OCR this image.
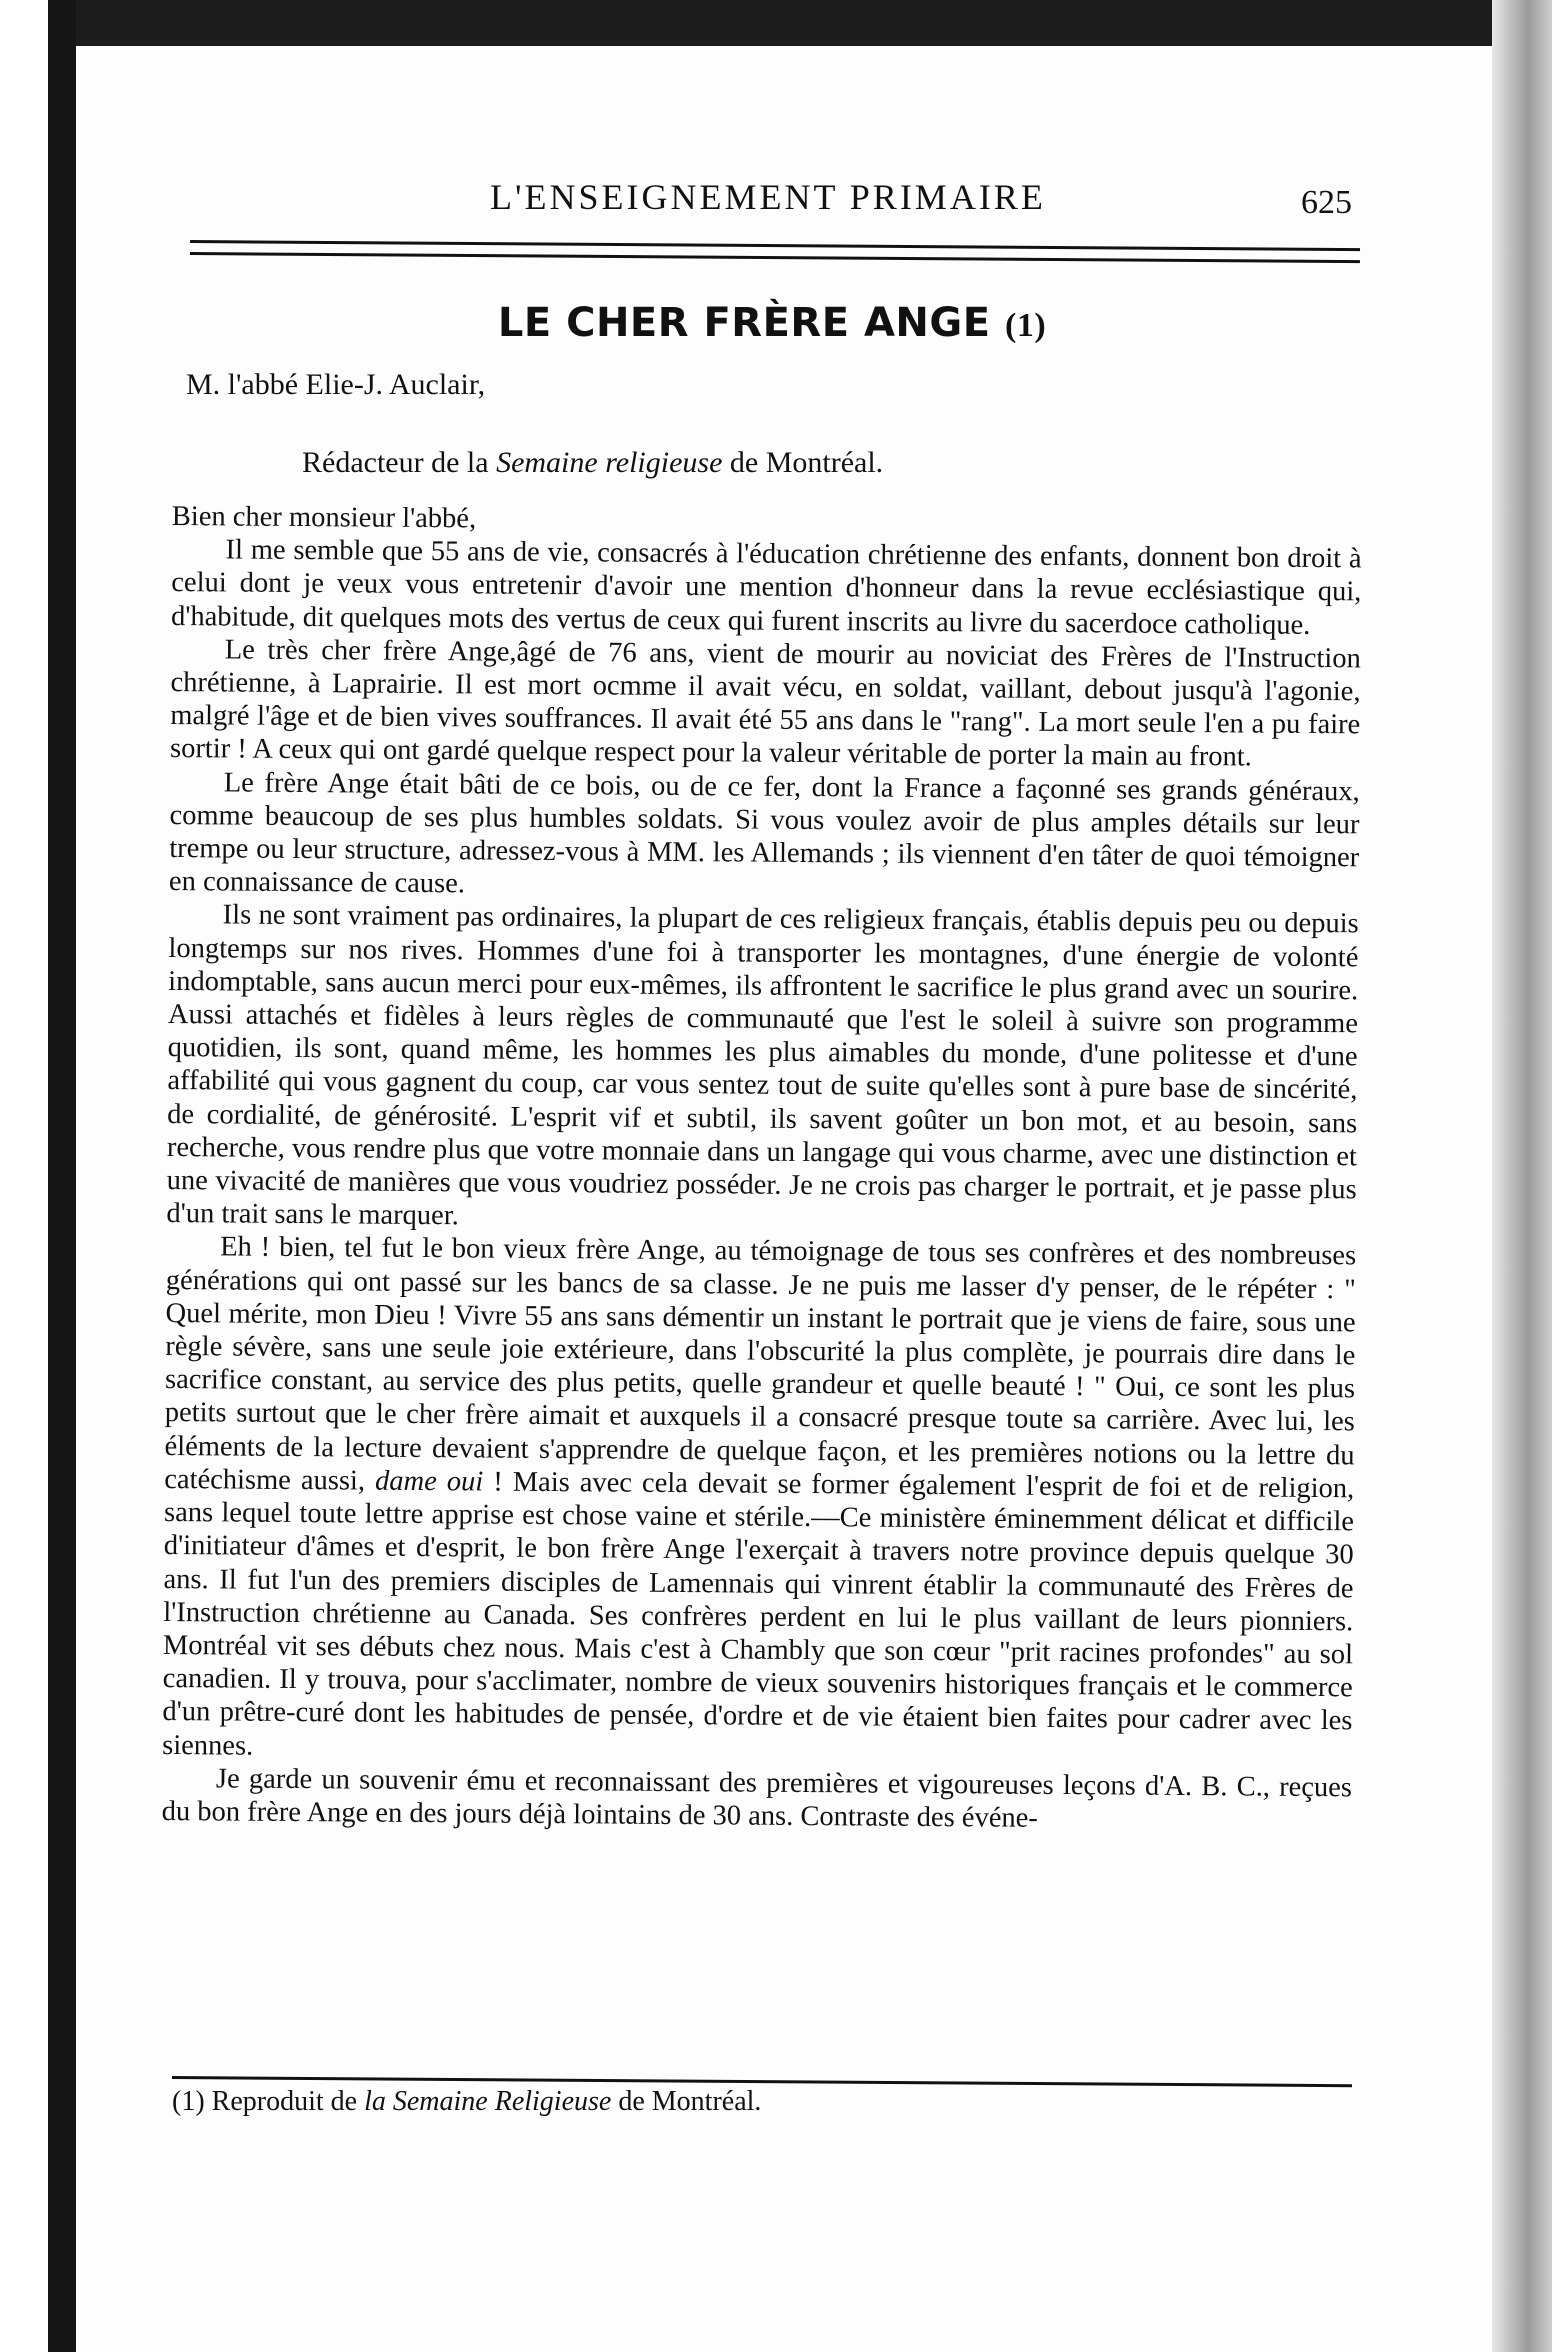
L'ENSEIGNEMENT PRIMAIRE	625
LE CHER FRÈRE ANGE (1)
M. l'abbé Elie-J. Auclair,
Rédacteur de la Semaine religieuse de Montréal.

Bien cher monsieur l'abbé,

Il me semble que 55 ans de vie, consacrés à l'éducation chrétienne des enfants, donnent bon droit à celui dont je veux vous entretenir d'avoir une mention d'honneur dans la revue ecclésiastique qui, d'habitude, dit quelques mots des vertus de ceux qui furent inscrits au livre du sacerdoce catholique.

Le très cher frère Ange,âgé de 76 ans, vient de mourir au noviciat des Frères de l'Instruction chrétienne, à Laprairie. Il est mort ocmme il avait vécu, en soldat, vaillant, debout jusqu'à l'agonie, malgré l'âge et de bien vives souffrances. Il avait été 55 ans dans le "rang". La mort seule l'en a pu faire sortir ! A ceux qui ont gardé quelque respect pour la valeur véritable de porter la main au front.

Le frère Ange était bâti de ce bois, ou de ce fer, dont la France a façonné ses grands généraux, comme beaucoup de ses plus humbles soldats. Si vous voulez avoir de plus amples détails sur leur trempe ou leur structure, adressez-vous à MM. les Allemands ; ils viennent d'en tâter de quoi témoigner en connaissance de cause.

Ils ne sont vraiment pas ordinaires, la plupart de ces religieux français, établis depuis peu ou depuis longtemps sur nos rives. Hommes d'une foi à transporter les montagnes, d'une énergie de volonté indomptable, sans aucun merci pour eux-mêmes, ils affrontent le sacrifice le plus grand avec un sourire. Aussi attachés et fidèles à leurs règles de communauté que l'est le soleil à suivre son programme quotidien, ils sont, quand même, les hommes les plus aimables du monde, d'une politesse et d'une affabilité qui vous gagnent du coup, car vous sentez tout de suite qu'elles sont à pure base de sincérité, de cordialité, de générosité. L'esprit vif et subtil, ils savent goûter un bon mot, et au besoin, sans recherche, vous rendre plus que votre monnaie dans un langage qui vous charme, avec une distinction et une vivacité de manières que vous voudriez posséder. Je ne crois pas charger le portrait, et je passe plus d'un trait sans le marquer.

Eh ! bien, tel fut le bon vieux frère Ange, au témoignage de tous ses confrères et des nombreuses générations qui ont passé sur les bancs de sa classe. Je ne puis me lasser d'y penser, de le répéter : " Quel mérite, mon Dieu ! Vivre 55 ans sans démentir un instant le portrait que je viens de faire, sous une règle sévère, sans une seule joie extérieure, dans l'obscurité la plus complète, je pourrais dire dans le sacrifice constant, au service des plus petits, quelle grandeur et quelle beauté ! " Oui, ce sont les plus petits surtout que le cher frère aimait et auxquels il a consacré presque toute sa carrière. Avec lui, les éléments de la lecture devaient s'apprendre de quelque façon, et les premières notions ou la lettre du catéchisme aussi, dame oui ! Mais avec cela devait se former également l'esprit de foi et de religion, sans lequel toute lettre apprise est chose vaine et stérile.—Ce ministère éminemment délicat et difficile d'initiateur d'âmes et d'esprit, le bon frère Ange l'exerçait à travers notre province depuis quelque 30 ans. Il fut l'un des premiers disciples de Lamennais qui vinrent établir la communauté des Frères de l'Instruction chrétienne au Canada. Ses confrères perdent en lui le plus vaillant de leurs pionniers. Montréal vit ses débuts chez nous. Mais c'est à Chambly que son cœur "prit racines profondes" au sol canadien. Il y trouva, pour s'acclimater, nombre de vieux souvenirs historiques français et le commerce d'un prêtre-curé dont les habitudes de pensée, d'ordre et de vie étaient bien faites pour cadrer avec les siennes.

Je garde un souvenir ému et reconnaissant des premières et vigoureuses leçons d'A. B. C., reçues du bon frère Ange en des jours déjà lointains de 30 ans. Contraste des événe-

(1) Reproduit de la Semaine Religieuse de Montréal.
